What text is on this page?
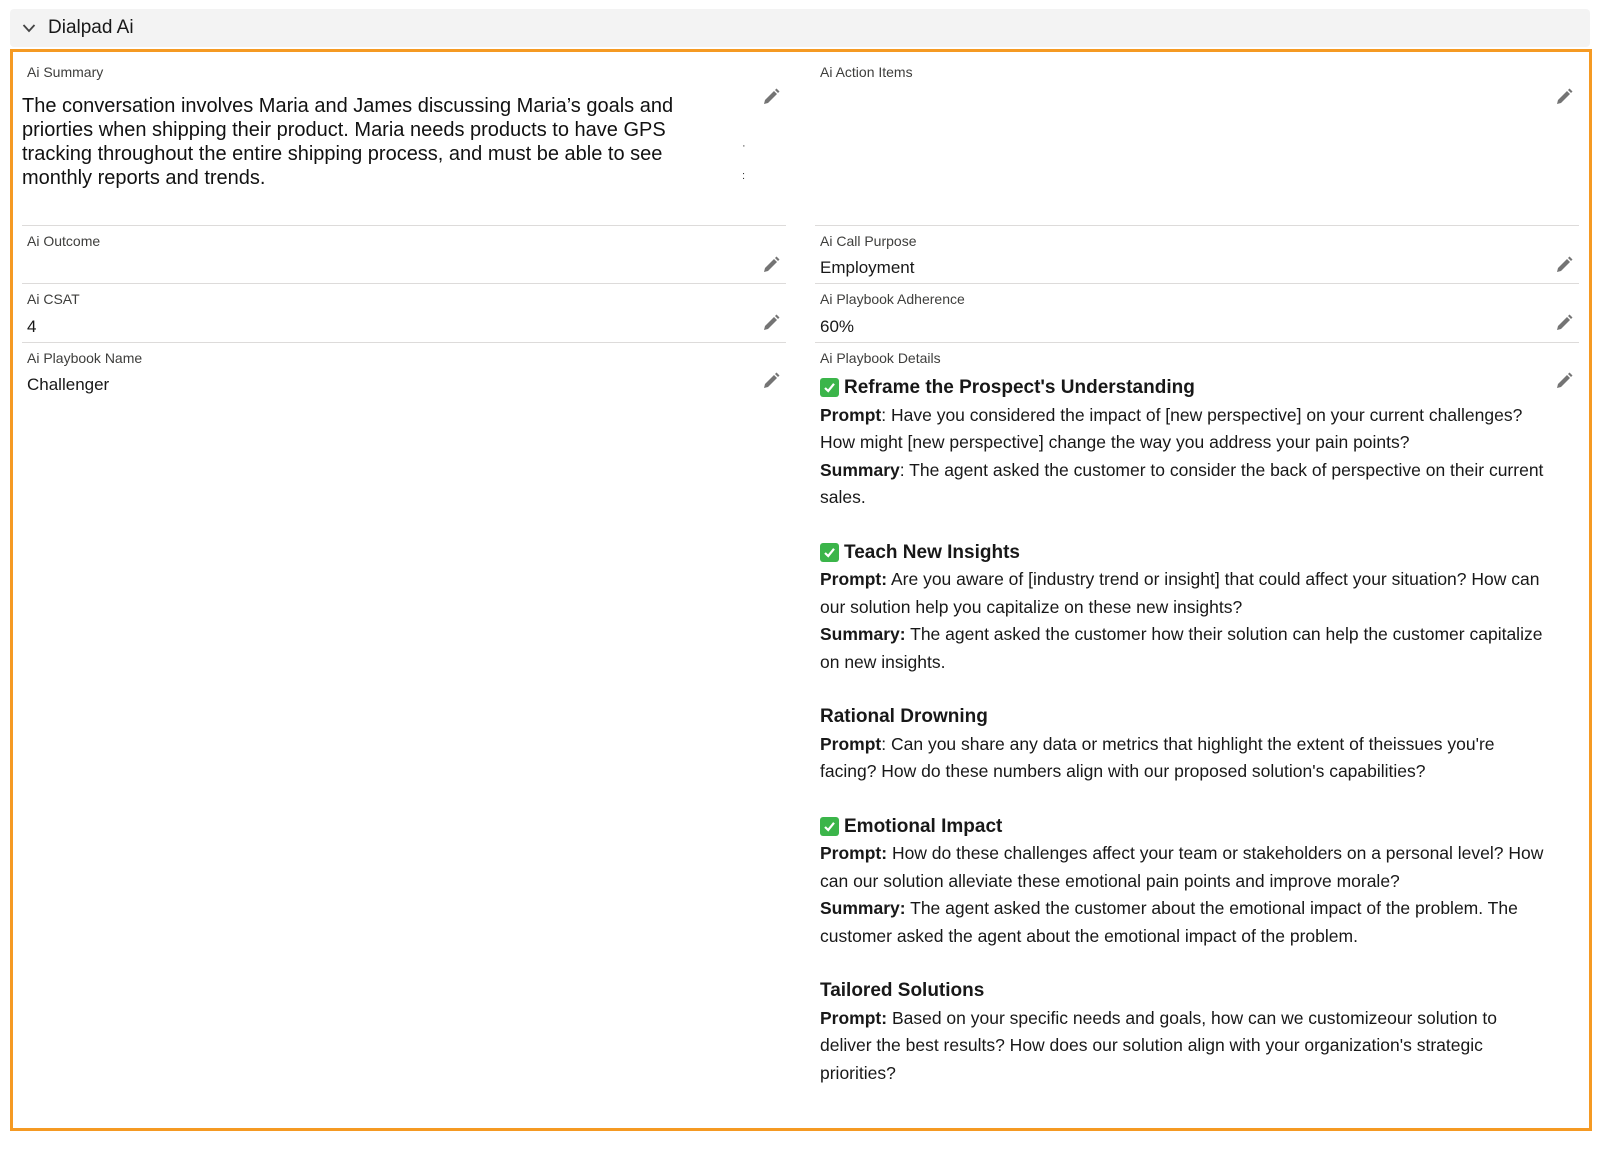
Dialpad Ai
Ai Summary
The conversation involves Maria and James discussing Maria’s goals and
priorties when shipping their product. Maria needs products to have GPS
tracking throughout the entire shipping process, and must be able to see
monthly reports and trends.
·
:
Ai Action Items
Ai Outcome	Ai Call Purpose
Employment
Ai CSAT
4
Ai Playbook Adherence
60%
Ai Playbook Name
Challenger
Ai Playbook Details
Reframe the Prospect's Understanding
Prompt: Have you considered the impact of [new perspective] on your current challenges? How might [new perspective] change the way you address your pain points?
Summary: The agent asked the customer to consider the back of perspective on their current sales.
Teach New Insights
Prompt: Are you aware of [industry trend or insight] that could affect your situation? How can our solution help you capitalize on these new insights?
Summary: The agent asked the customer how their solution can help the customer capitalize on new insights.
Rational Drowning
Prompt: Can you share any data or metrics that highlight the extent of theissues you're facing? How do these numbers align with our proposed solution's capabilities?
Emotional Impact
Prompt: How do these challenges affect your team or stakeholders on a personal level? How can our solution alleviate these emotional pain points and improve morale?
Summary: The agent asked the customer about the emotional impact of the problem. The customer asked the agent about the emotional impact of the problem.
Tailored Solutions
Prompt: Based on your specific needs and goals, how can we customizeour solution to deliver the best results? How does our solution align with your organization's strategic priorities?
